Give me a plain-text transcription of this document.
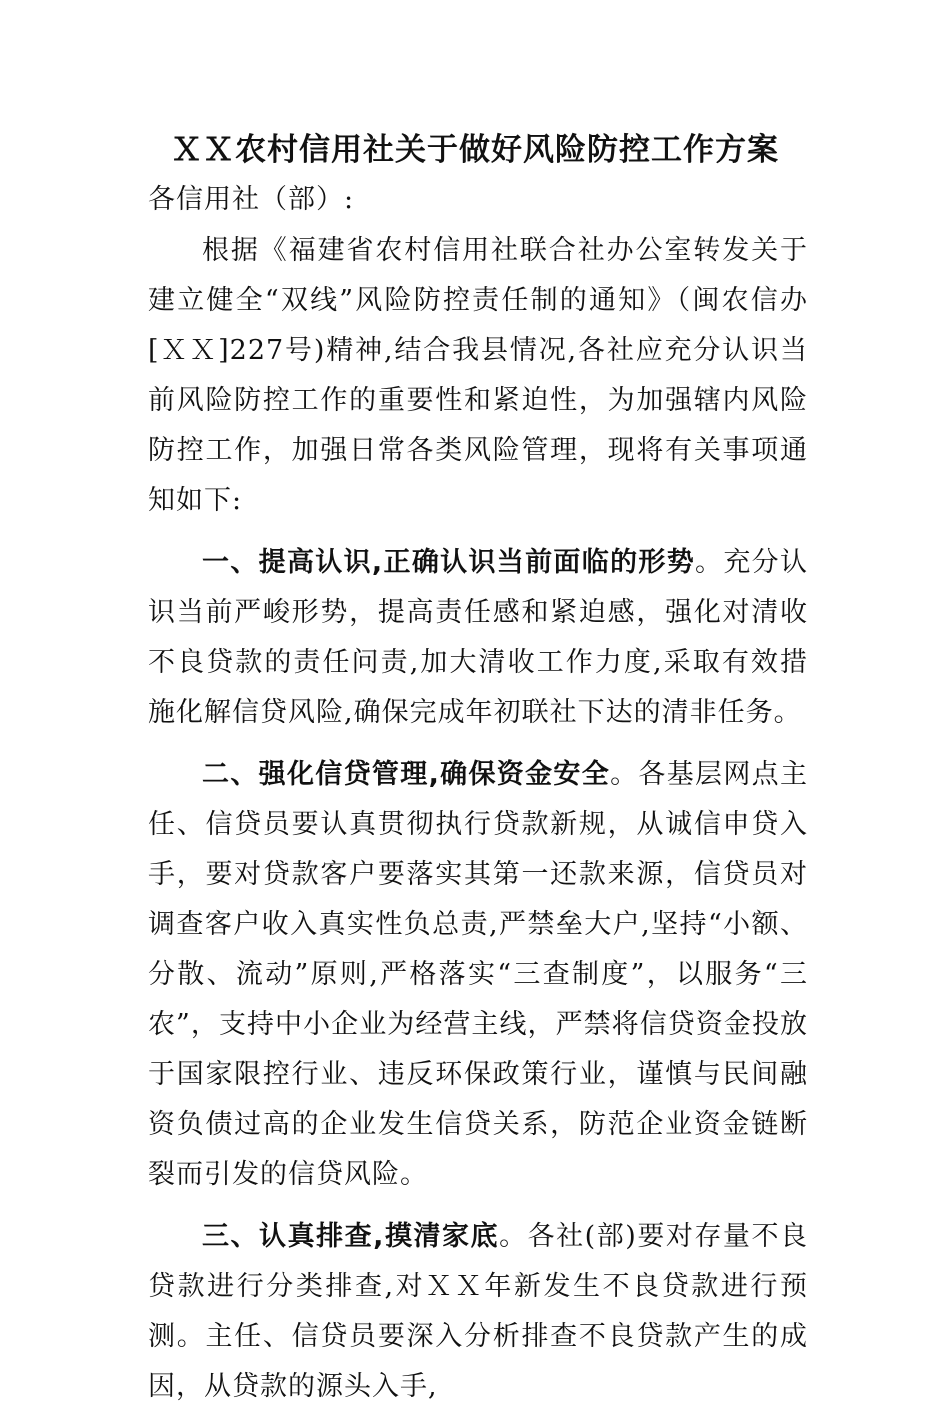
ＸＸ农村信用社关于做好风险防控工作方案

各信用社（部）:

根据《福建省农村信用社联合社办公室转发关于建立健全“双线”风险防控责任制的通知》（闽农信办[ＸＸ]227号)精神,结合我县情况,各社应充分认识当前风险防控工作的重要性和紧迫性，为加强辖内风险防控工作，加强日常各类风险管理，现将有关事项通知如下:

一、提高认识,正确认识当前面临的形势。充分认识当前严峻形势，提高责任感和紧迫感，强化对清收不良贷款的责任问责,加大清收工作力度,采取有效措施化解信贷风险,确保完成年初联社下达的清非任务。

二、强化信贷管理,确保资金安全。各基层网点主任、信贷员要认真贯彻执行贷款新规，从诚信申贷入手，要对贷款客户要落实其第一还款来源，信贷员对调查客户收入真实性负总责,严禁垒大户,坚持“小额、分散、流动”原则,严格落实“三查制度”，以服务“三农”，支持中小企业为经营主线，严禁将信贷资金投放于国家限控行业、违反环保政策行业，谨慎与民间融资负债过高的企业发生信贷关系，防范企业资金链断裂而引发的信贷风险。

三、认真排查,摸清家底。各社(部)要对存量不良贷款进行分类排查,对ＸＸ年新发生不良贷款进行预测。主任、信贷员要深入分析排查不良贷款产生的成因，从贷款的源头入手,
